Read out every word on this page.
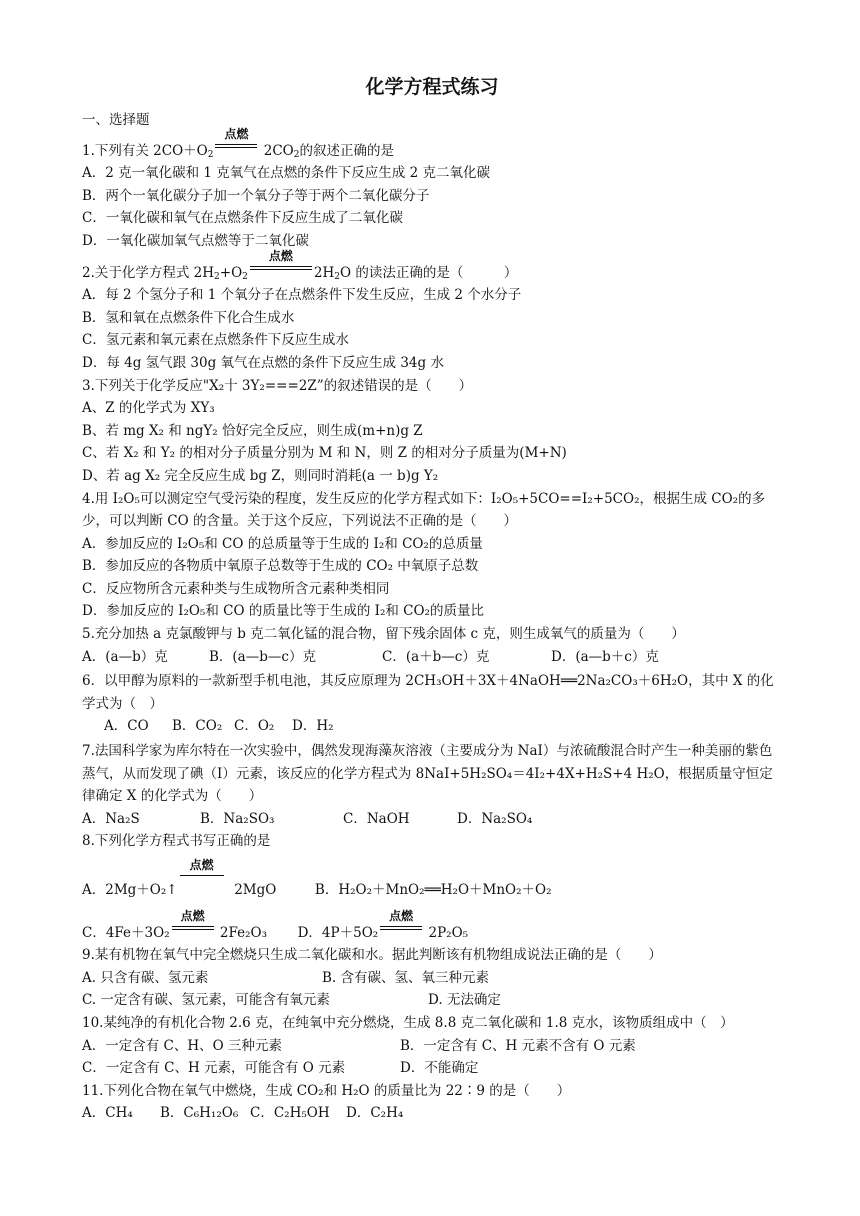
化学方程式练习
一、选择题
1.下列有关 $2CO+O_2$
点燃
$2CO_2$的叙述正确的是
A．2 克一氧化碳和 1 克氧气在点燃的条件下反应生成 2 克二氧化碳
B．两个一氧化碳分子加一个氧分子等于两个二氧化碳分子
C．一氧化碳和氧气在点燃条件下反应生成了二氧化碳
D．一氧化碳加氧气点燃等于二氧化碳
2.关于化学方程式 $2H_2+O_2$
点燃
$2H_2O$ 的读法正确的是（　　　）
A．每 2 个氢分子和 1 个氧分子在点燃条件下发生反应，生成 2 个水分子
B．氢和氧在点燃条件下化合生成水
C．氢元素和氧元素在点燃条件下反应生成水
D．每 4g 氢气跟 30g 氧气在点燃的条件下反应生成 34g 水
3.下列关于化学反应"X₂十 3Y₂===2Z”的叙述错误的是（　　）
A、Z 的化学式为 XY₃
B、若 mg X₂ 和 ngY₂ 恰好完全反应，则生成(m+n)g Z
C、若 X₂ 和 Y₂ 的相对分子质量分别为 M 和 N，则 Z 的相对分子质量为(M+N)
D、若 ag X₂ 完全反应生成 bg Z，则同时消耗(a 一 b)g Y₂
4.用 I₂O₅可以测定空气受污染的程度，发生反应的化学方程式如下：I₂O₅+5CO==I₂+5CO₂，根据生成 CO₂的多少，可以判断 CO 的含量。关于这个反应，下列说法不正确的是（　　）
A．参加反应的 I₂O₅和 CO 的总质量等于生成的 I₂和 CO₂的总质量
B．参加反应的各物质中氧原子总数等于生成的 CO₂ 中氧原子总数
C．反应物所含元素种类与生成物所含元素种类相同
D．参加反应的 I₂O₅和 CO 的质量比等于生成的 I₂和 CO₂的质量比
5.充分加热 a 克氯酸钾与 b 克二氧化锰的混合物，留下残余固体 c 克，则生成氧气的质量为（　　）
A．(a—b）克	B．(a—b—c）克	C．(a＋b—c）克	D．(a—b＋c）克
6．以甲醇为原料的一款新型手机电池，其反应原理为 2CH₃OH＋3X＋4NaOH══2Na₂CO₃＋6H₂O，其中 X 的化学式为（　）
A．CO	B．CO₂ C．O₂	D．H₂
7.法国科学家为库尔特在一次实验中，偶然发现海藻灰溶液（主要成分为 NaI）与浓硫酸混合时产生一种美丽的紫色蒸气，从而发现了碘（I）元素，该反应的化学方程式为 8NaI+5H₂SO₄＝4I₂+4X+H₂S+4 H₂O，根据质量守恒定律确定 X 的化学式为（　　）
A．Na₂S	B．Na₂SO₃	C．NaOH	D．Na₂SO₄
8.下列化学方程式书写正确的是
A．2Mg＋O₂↑
点燃
2MgO	B．H₂O₂＋MnO₂══H₂O＋MnO₂＋O₂
C．4Fe＋3O₂
点燃
2Fe₂O₃ D．4P＋5O₂
点燃
2P₂O₅
9.某有机物在氧气中完全燃烧只生成二氧化碳和水。据此判断该有机物组成说法正确的是（　　）
A. 只含有碳、氢元素	B. 含有碳、氢、氧三种元素
C. 一定含有碳、氢元素，可能含有氧元素	D. 无法确定
10.某纯净的有机化合物 2.6 克，在纯氧中充分燃烧，生成 8.8 克二氧化碳和 1.8 克水，该物质组成中（　）
A．一定含有 C、H、O 三种元素	B．一定含有 C、H 元素不含有 O 元素
C．一定含有 C、H 元素，可能含有 O 元素	D．不能确定
11.下列化合物在氧气中燃烧，生成 CO₂和 H₂O 的质量比为 22∶9 的是（　　）
A．CH₄	B．C₆H₁₂O₆ C．C₂H₅OH	D．C₂H₄
